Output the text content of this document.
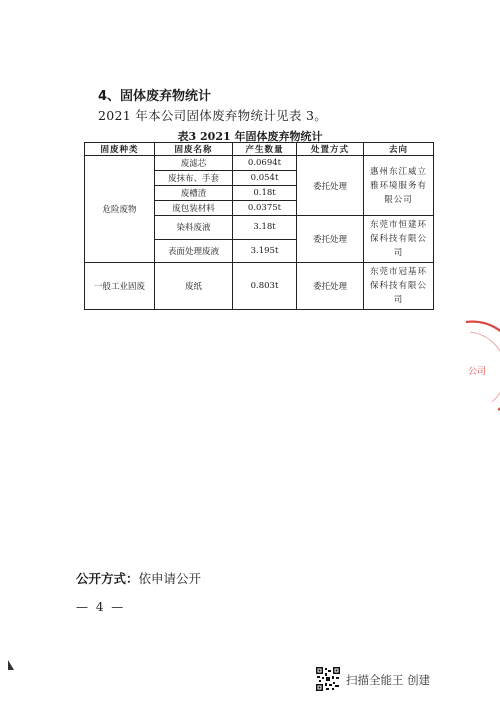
4、固体废弃物统计
2021 年本公司固体废弃物统计见表 3。
表3 2021 年固体废弃物统计
固废种类	固废名称	产生数量	处置方式	去向
危险废物	废滤芯	0.0694t	委托处理	惠州东江威立雅环境服务有限公司
	废抹布、手套	0.054t		
	废槽渣	0.18t		
	废包装材料	0.0375t		
	染料废液	3.18t	委托处理	东莞市恒建环保科技有限公司
	表面处理废液	3.195t		
一般工业固废	废纸	0.803t	委托处理	东莞市冠基环保科技有限公司
公司
公开方式：依申请公开
— 4 —
扫描全能王 创建
